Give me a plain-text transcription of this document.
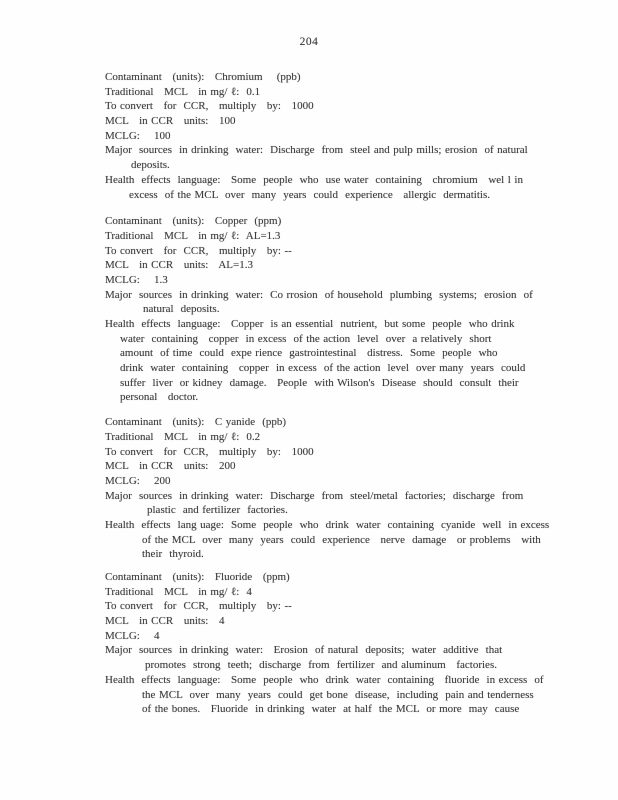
204
Contaminant   (units):   Chromium    (ppb)
Traditional   MCL   in mg/ ℓ:  0.1
To convert   for  CCR,   multiply   by:   1000
MCL   in CCR   units:   100
MCLG:    100
Major  sources  in drinking  water:  Discharge  from  steel and pulp mills; erosion  of natural
deposits.
Health  effects  language:   Some  people  who  use water  containing   chromium   wel l in
excess  of the MCL  over  many  years  could  experience   allergic  dermatitis.
Contaminant   (units):   Copper  (ppm)
Traditional   MCL   in mg/ ℓ:  AL=1.3
To convert   for  CCR,   multiply   by: --
MCL   in CCR   units:   AL=1.3
MCLG:    1.3
Major  sources  in drinking  water:  Co rrosion  of household  plumbing  systems;  erosion  of
natural  deposits.
Health  effects  language:   Copper  is an essential  nutrient,  but some  people  who drink
water  containing   copper  in excess  of the action  level  over  a relatively  short
amount  of time  could  expe rience  gastrointestinal   distress.  Some  people  who
drink  water  containing   copper  in excess  of the action  level  over many  years  could
suffer  liver  or kidney  damage.   People  with Wilson's  Disease  should  consult  their
personal   doctor.
Contaminant   (units):   C yanide  (ppb)
Traditional   MCL   in mg/ ℓ:  0.2
To convert   for  CCR,   multiply   by:   1000
MCL   in CCR   units:   200
MCLG:    200
Major  sources  in drinking  water:  Discharge  from  steel/metal  factories;  discharge  from
plastic  and fertilizer  factories.
Health  effects  lang uage:  Some  people  who  drink  water  containing  cyanide  well  in excess
of the MCL  over  many  years  could  experience   nerve  damage   or problems   with
their  thyroid.
Contaminant   (units):   Fluoride   (ppm)
Traditional   MCL   in mg/ ℓ:  4
To convert   for  CCR,   multiply   by: --
MCL   in CCR   units:   4
MCLG:    4
Major  sources  in drinking  water:   Erosion  of natural  deposits;  water  additive  that
promotes  strong  teeth;  discharge  from  fertilizer  and aluminum   factories.
Health  effects  language:   Some  people  who  drink  water  containing   fluoride  in excess  of
the MCL  over  many  years  could  get bone  disease,  including  pain and tenderness
of the bones.   Fluoride  in drinking  water  at half  the MCL  or more  may  cause
